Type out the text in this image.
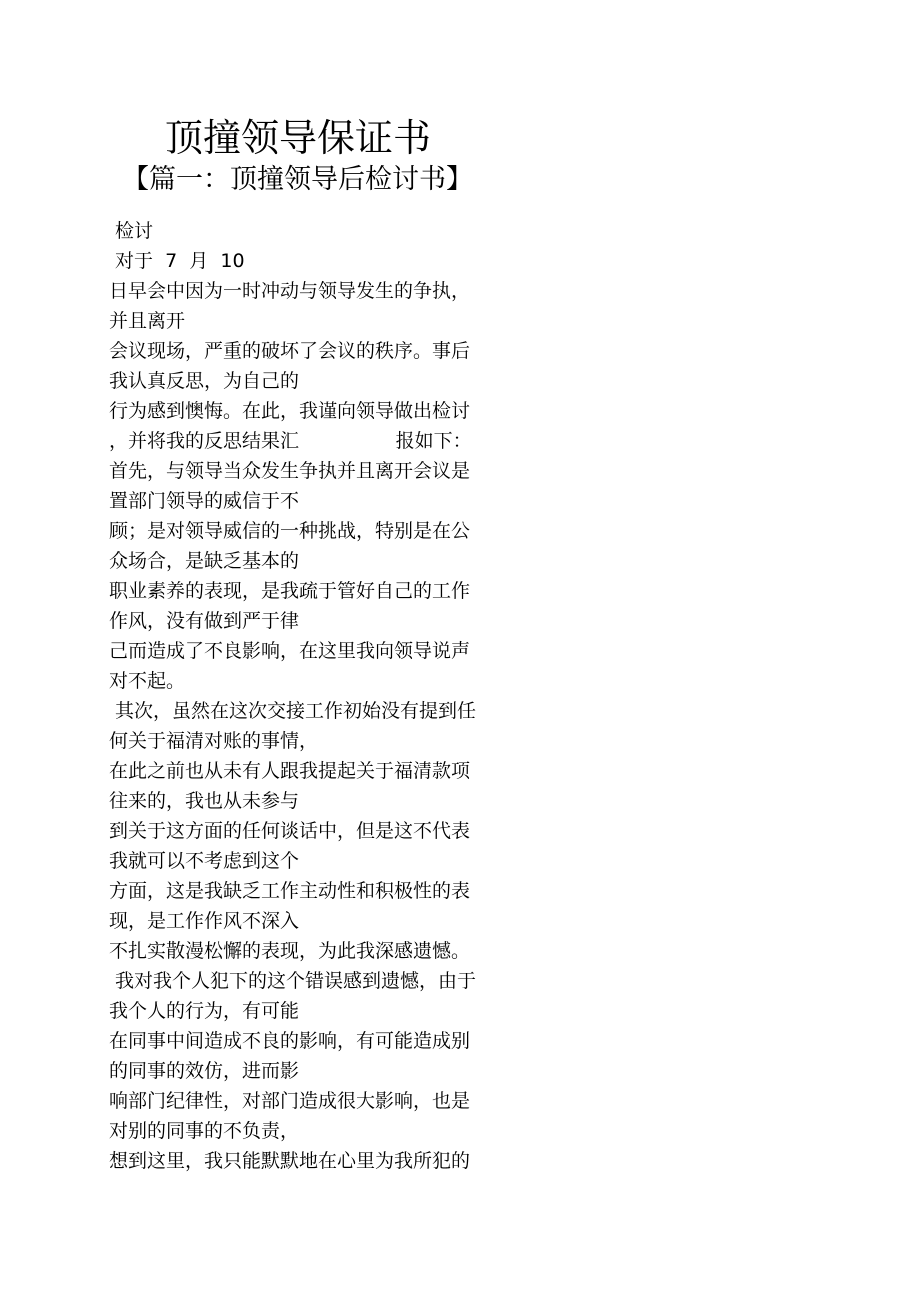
顶撞领导保证书
【篇一：顶撞领导后检讨书】

检讨

对于  7  月  10

日早会中因为一时冲动与领导发生的争执，

并且离开

会议现场，严重的破坏了会议的秩序。事后

我认真反思，为自己的

行为感到懊悔。在此，我谨向领导做出检讨

，并将我的反思结果汇                报如下：

首先，与领导当众发生争执并且离开会议是

置部门领导的威信于不

顾；是对领导威信的一种挑战，特别是在公

众场合，是缺乏基本的

职业素养的表现，是我疏于管好自己的工作

作风，没有做到严于律

己而造成了不良影响，在这里我向领导说声

对不起。

其次，虽然在这次交接工作初始没有提到任

何关于福清对账的事情，

在此之前也从未有人跟我提起关于福清款项

往来的，我也从未参与

到关于这方面的任何谈话中，但是这不代表

我就可以不考虑到这个

方面，这是我缺乏工作主动性和积极性的表

现，是工作作风不深入

不扎实散漫松懈的表现，为此我深感遗憾。

我对我个人犯下的这个错误感到遗憾，由于

我个人的行为，有可能

在同事中间造成不良的影响，有可能造成别

的同事的效仿，进而影

响部门纪律性，对部门造成很大影响，也是

对别的同事的不负责，

想到这里，我只能默默地在心里为我所犯的
